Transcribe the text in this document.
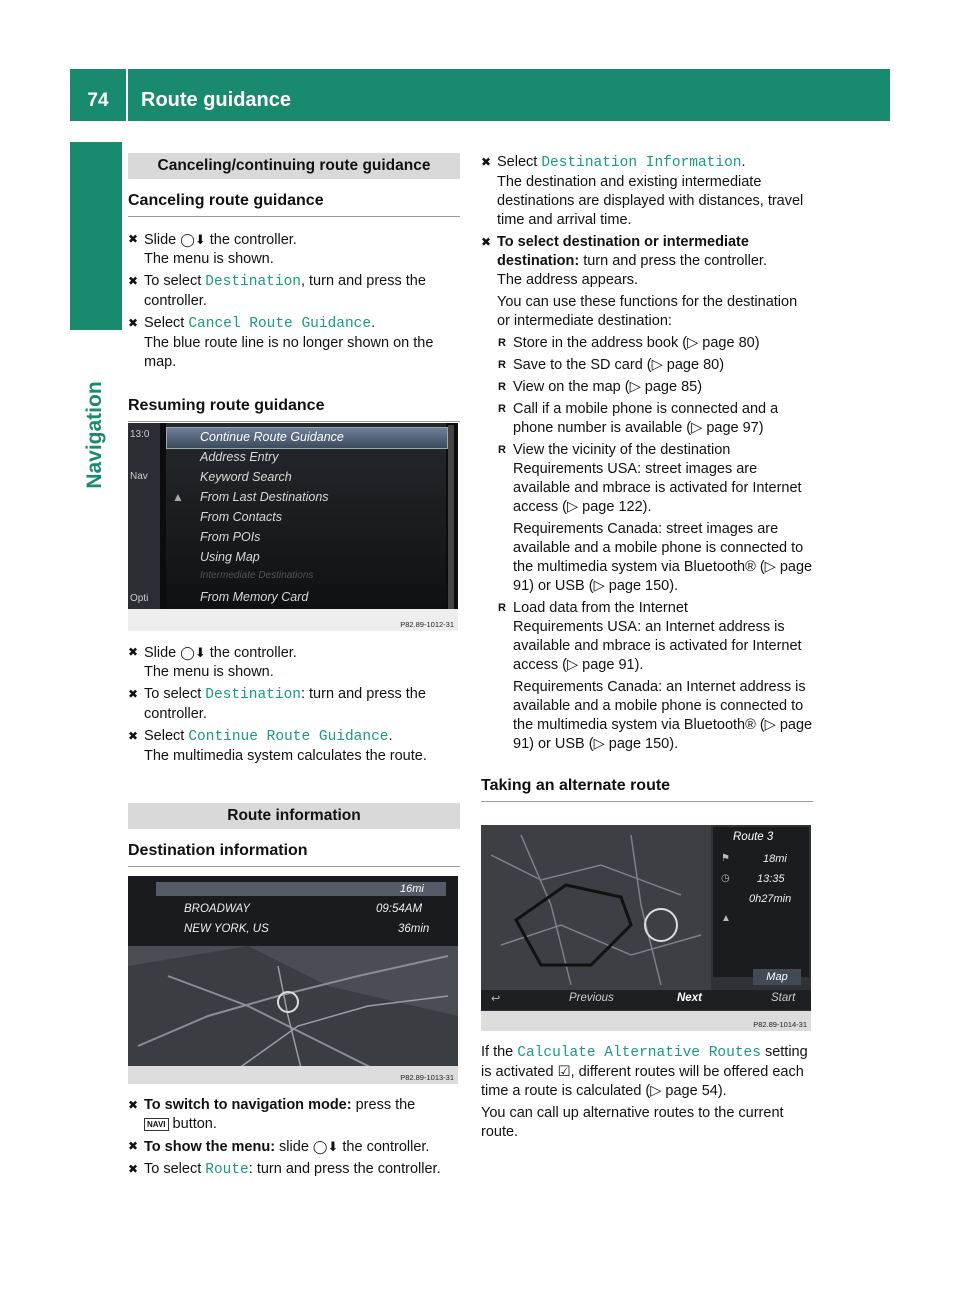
74	Route guidance
Navigation
Canceling/continuing route guidance
Canceling route guidance
✖ Slide ◯⬇ the controller.
The menu is shown.
✖ To select Destination, turn and press the controller.
✖ Select Cancel Route Guidance.
The blue route line is no longer shown on the map.
Resuming route guidance
13:0
Nav
Opti
Continue Route Guidance
Address Entry
Keyword Search
From Last Destinations
▲
From Contacts
From POIs
Using Map
Intermediate Destinations
From Memory Card
P82.89-1012-31
✖ Slide ◯⬇ the controller.
The menu is shown.
✖ To select Destination: turn and press the controller.
✖ Select Continue Route Guidance.
The multimedia system calculates the route.
Route information
Destination information
16mi
BROADWAY	09:54AM
NEW YORK, US	36min
P82.89-1013-31
✖ To switch to navigation mode: press the
NAVI button.
✖ To show the menu: slide ◯⬇ the controller.
✖ To select Route: turn and press the controller.
✖ Select Destination Information.
The destination and existing intermediate destinations are displayed with distances, travel time and arrival time.
✖ To select destination or intermediate destination: turn and press the controller.
The address appears.
You can use these functions for the destination or intermediate destination:
R Store in the address book (▷ page 80)
R Save to the SD card (▷ page 80)
R View on the map (▷ page 85)
R Call if a mobile phone is connected and a phone number is available (▷ page 97)
R View the vicinity of the destination
Requirements USA: street images are available and mbrace is activated for Internet access (▷ page 122).
Requirements Canada: street images are available and a mobile phone is connected to the multimedia system via Bluetooth® (▷ page 91) or USB (▷ page 150).
R Load data from the Internet
Requirements USA: an Internet address is available and mbrace is activated for Internet access (▷ page 91).
Requirements Canada: an Internet address is available and a mobile phone is connected to the multimedia system via Bluetooth® (▷ page 91) or USB (▷ page 150).
Taking an alternate route
Route 3
18mi
13:35
0h27min
⚑
◷
▲
Map
↩	Previous	Next	Start
P82.89-1014-31
If the Calculate Alternative Routes setting is activated ☑, different routes will be offered each time a route is calculated (▷ page 54).
You can call up alternative routes to the current route.
